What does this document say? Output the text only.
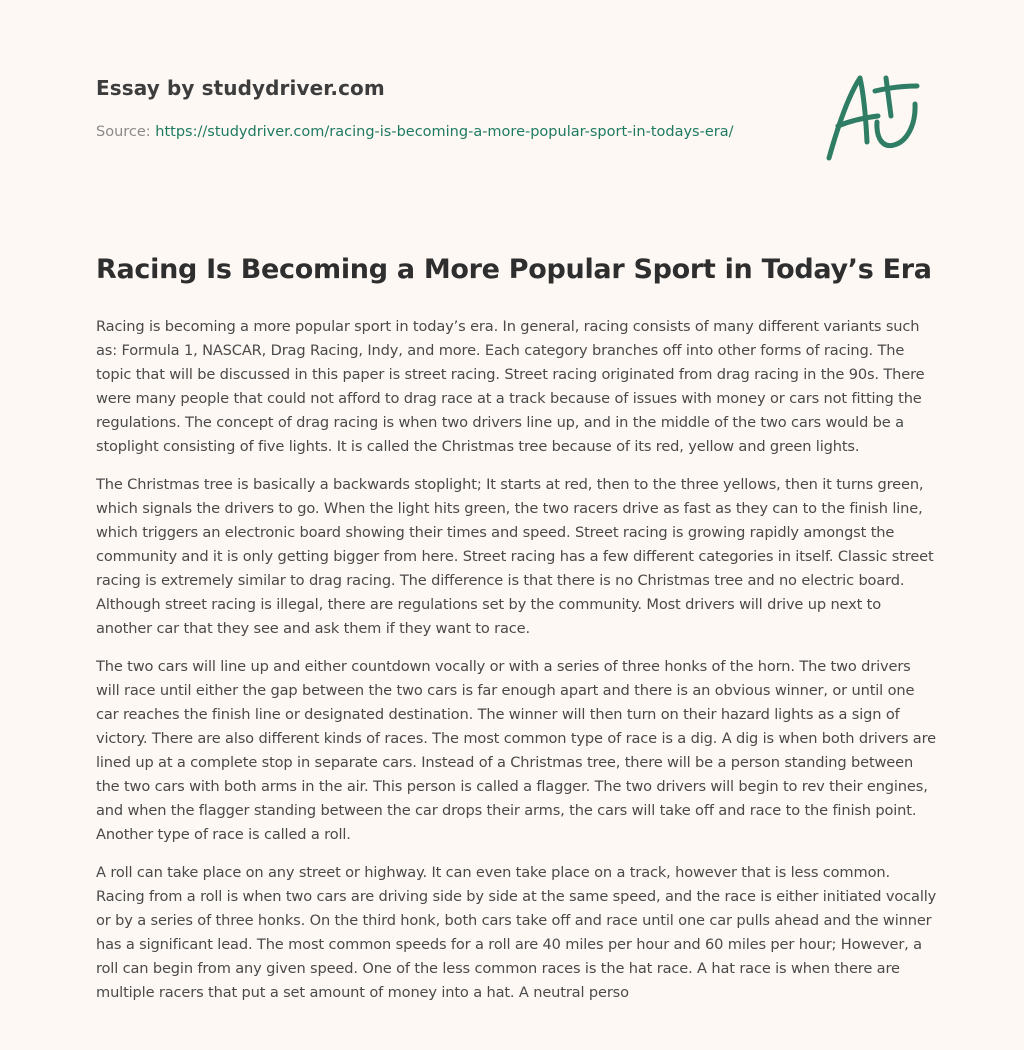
Essay by studydriver.com
Source: https://studydriver.com/racing-is-becoming-a-more-popular-sport-in-todays-era/
Racing Is Becoming a More Popular Sport in Today’s Era

Racing is becoming a more popular sport in today’s era. In general, racing consists of many different variants such as: Formula 1, NASCAR, Drag Racing, Indy, and more. Each category branches off into other forms of racing. The topic that will be discussed in this paper is street racing. Street racing originated from drag racing in the 90s. There were many people that could not afford to drag race at a track because of issues with money or cars not fitting the regulations. The concept of drag racing is when two drivers line up, and in the middle of the two cars would be a stoplight consisting of five lights. It is called the Christmas tree because of its red, yellow and green lights.

The Christmas tree is basically a backwards stoplight; It starts at red, then to the three yellows, then it turns green, which signals the drivers to go. When the light hits green, the two racers drive as fast as they can to the finish line, which triggers an electronic board showing their times and speed. Street racing is growing rapidly amongst the community and it is only getting bigger from here. Street racing has a few different categories in itself. Classic street racing is extremely similar to drag racing. The difference is that there is no Christmas tree and no electric board. Although street racing is illegal, there are regulations set by the community. Most drivers will drive up next to another car that they see and ask them if they want to race.

The two cars will line up and either countdown vocally or with a series of three honks of the horn. The two drivers will race until either the gap between the two cars is far enough apart and there is an obvious winner, or until one car reaches the finish line or designated destination. The winner will then turn on their hazard lights as a sign of victory. There are also different kinds of races. The most common type of race is a dig. A dig is when both drivers are lined up at a complete stop in separate cars. Instead of a Christmas tree, there will be a person standing between the two cars with both arms in the air. This person is called a flagger. The two drivers will begin to rev their engines, and when the flagger standing between the car drops their arms, the cars will take off and race to the finish point. Another type of race is called a roll.

A roll can take place on any street or highway. It can even take place on a track, however that is less common. Racing from a roll is when two cars are driving side by side at the same speed, and the race is either initiated vocally or by a series of three honks. On the third honk, both cars take off and race until one car pulls ahead and the winner has a significant lead. The most common speeds for a roll are 40 miles per hour and 60 miles per hour; However, a roll can begin from any given speed. One of the less common races is the hat race. A hat race is when there are multiple racers that put a set amount of money into a hat. A neutral perso
